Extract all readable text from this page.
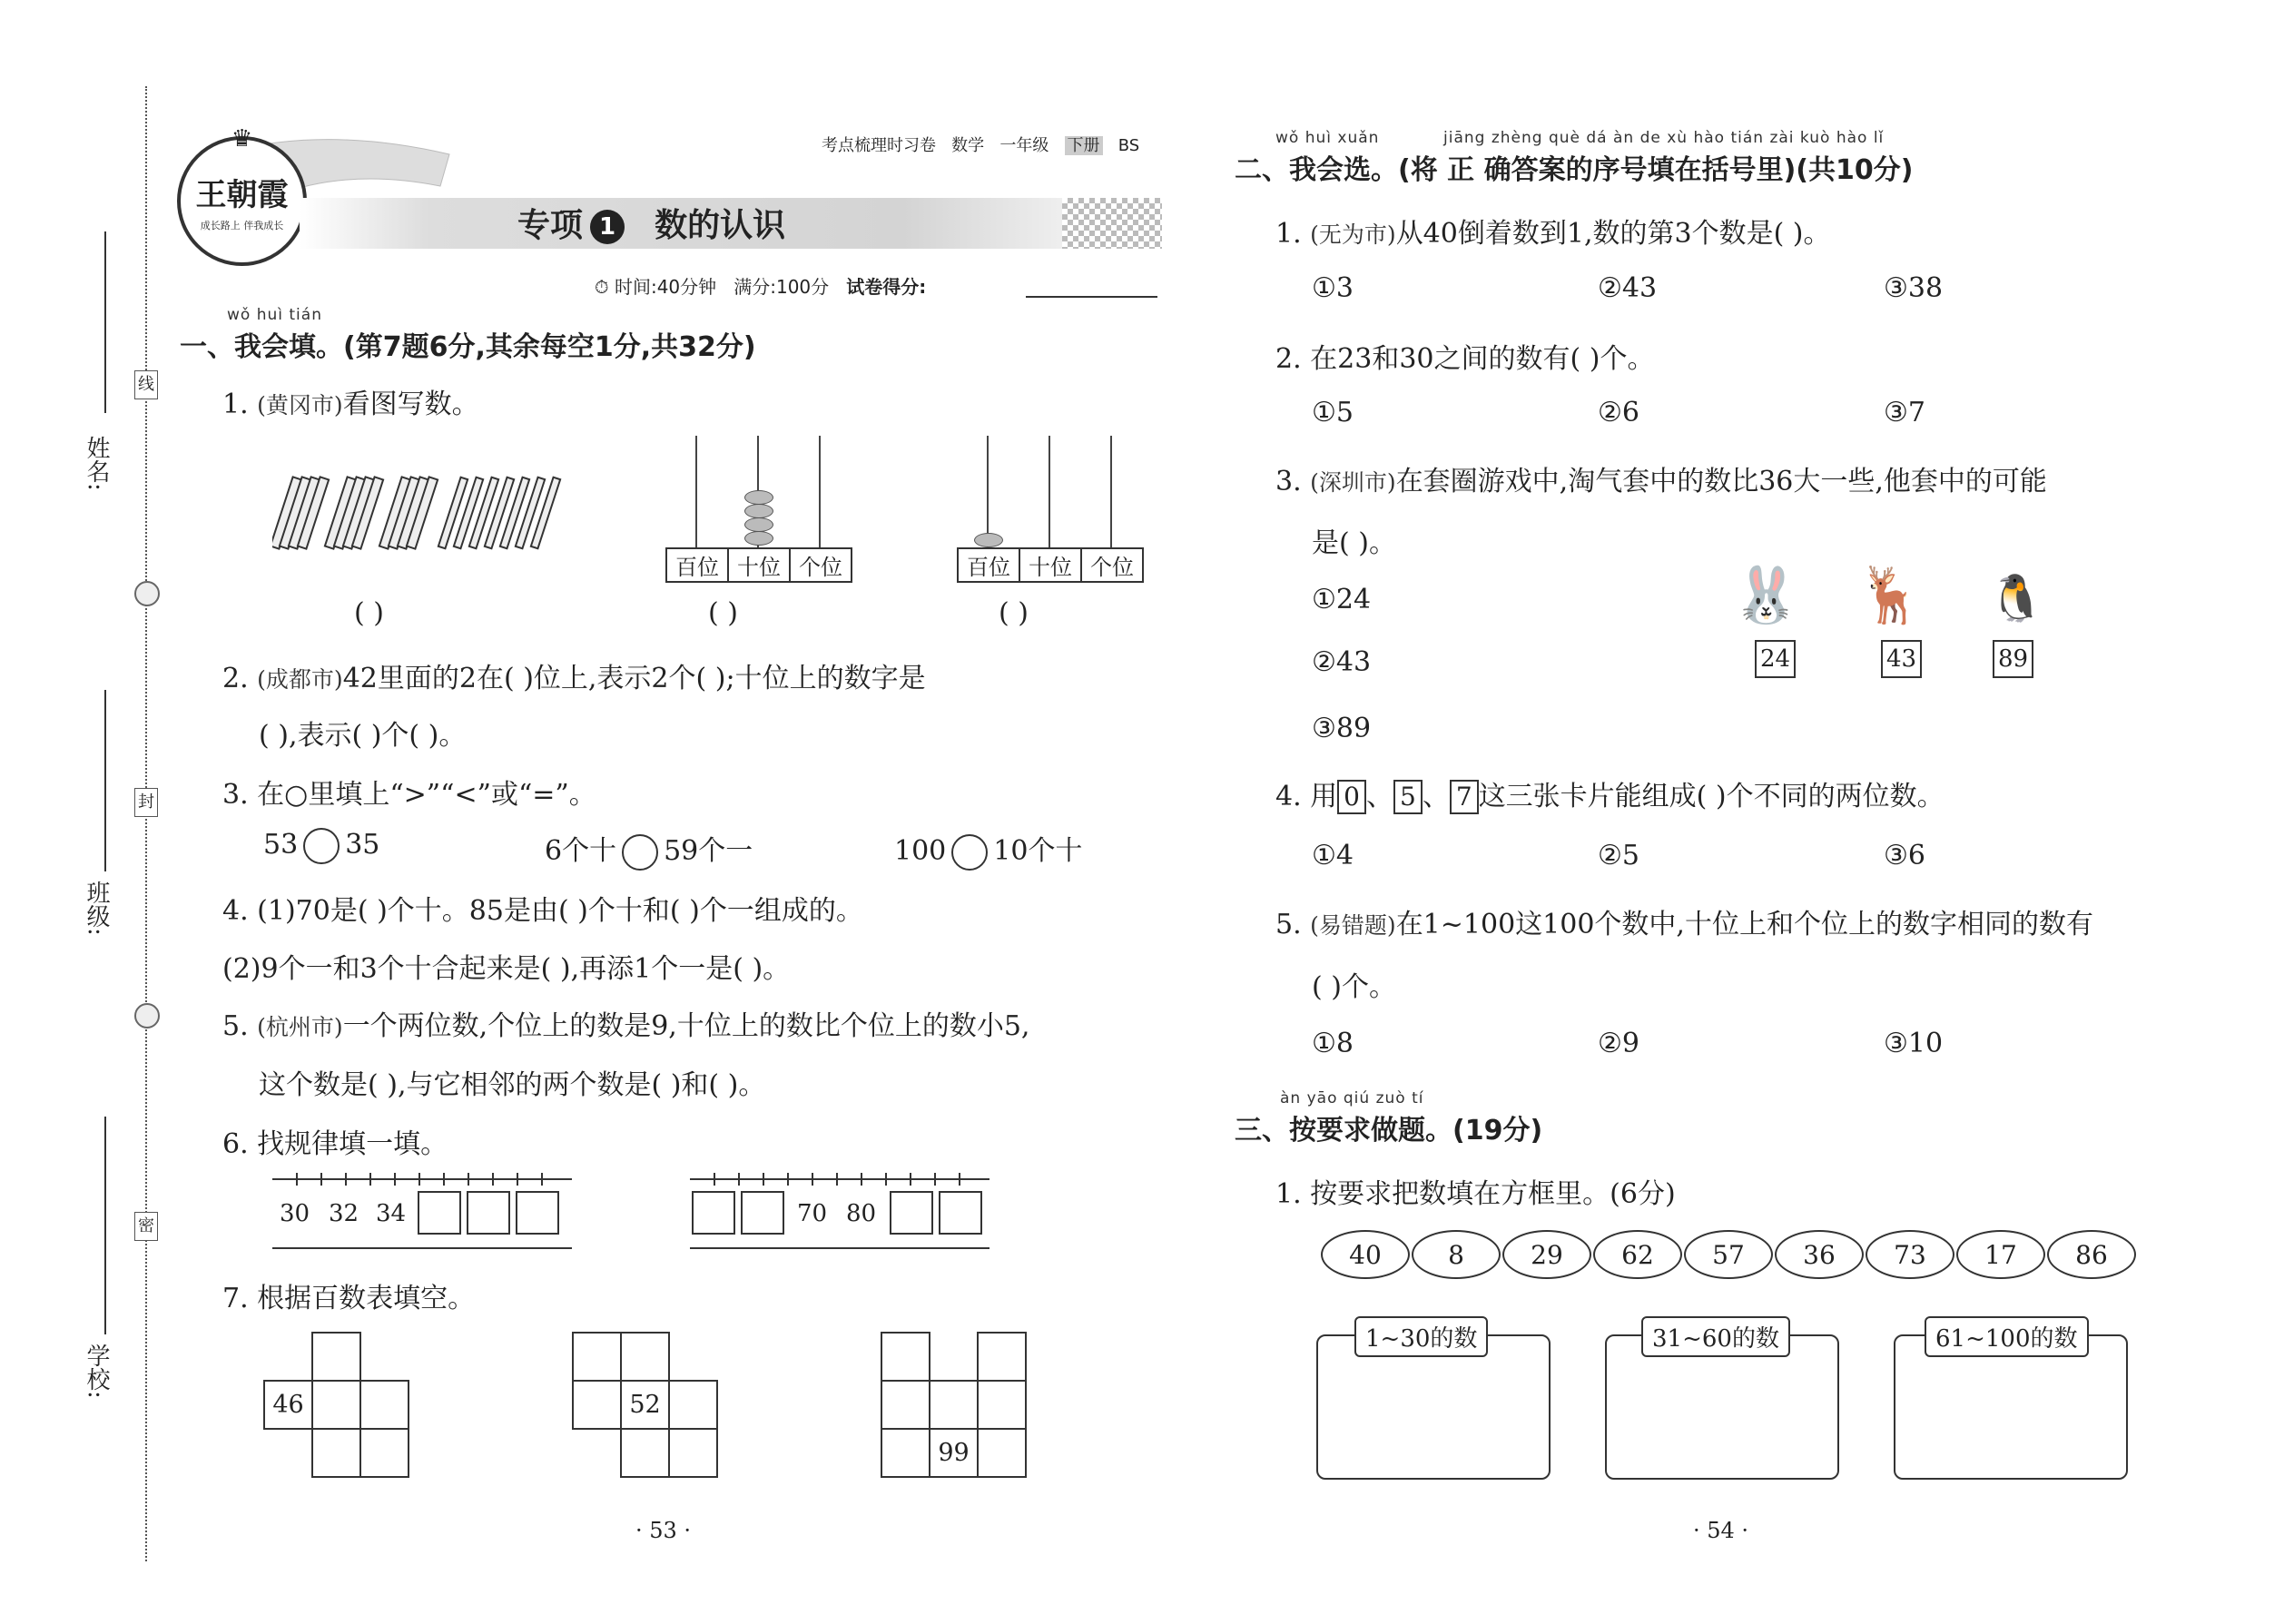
姓名:
班级:
学校:
线
封
密
♛
王朝霞
成长路上 伴我成长
考点梳理时习卷 数学 一年级 下册 BS
专项 1 数的认识
⏱ 时间:40分钟 满分:100分 试卷得分:
wǒ huì tián
一、我会填。(第7题6分,其余每空1分,共32分)
1. (黄冈市)看图写数。
百位 十位 个位	百位 十位 个位
( )	( )	( )
2. (成都市)42里面的2在( )位上,表示2个( );十位上的数字是
( ),表示( )个( )。
3. 在○里填上“>”“<”或“=”。
53 35	6个十 59个一	100 10个十
4. (1)70是( )个十。85是由( )个十和( )个一组成的。
(2)9个一和3个十合起来是( ),再添1个一是( )。
5. (杭州市)一个两位数,个位上的数是9,十位上的数比个位上的数小5,
这个数是( ),与它相邻的两个数是( )和( )。
6. 找规律填一填。
30 32 34	70 80
7. 根据百数表填空。
46	52
99
· 53 ·
wǒ huì xuǎn	jiāng zhèng què dá àn de xù hào tián zài kuò hào lǐ
二、我会选。(将 正 确答案的序号填在括号里)(共10分)
1. (无为市)从40倒着数到1,数的第3个数是( )。
①3	②43	③38
2. 在23和30之间的数有( )个。
①5	②6	③7
3. (深圳市)在套圈游戏中,淘气套中的数比36大一些,他套中的可能
是( )。
①24
②43
③89
🐰 🦌 🐧
24	43	89
4. 用 0 、 5 、 7 这三张卡片能组成( )个不同的两位数。
①4	②5	③6
5. (易错题)在1~100这100个数中,十位上和个位上的数字相同的数有
( )个。
①8	②9	③10
àn yāo qiú zuò tí
三、按要求做题。(19分)
1. 按要求把数填在方框里。(6分)
40	8	29	62	57	36	73	17	86
1~30的数	31~60的数	61~100的数
· 54 ·
